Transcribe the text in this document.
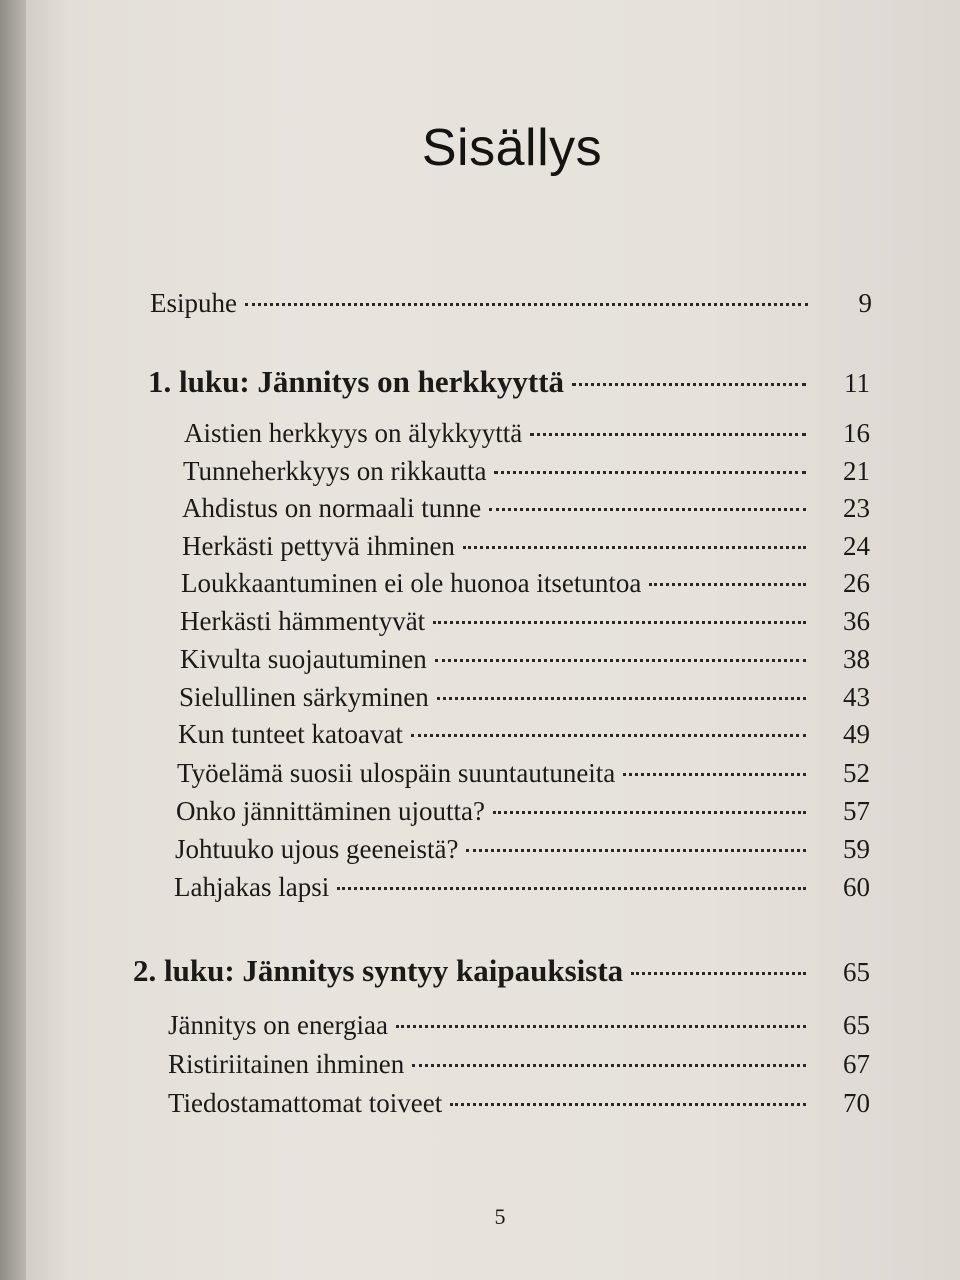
Sisällys
Esipuhe	9
1. luku: Jännitys on herkkyyttä	11
Aistien herkkyys on älykkyyttä	16
Tunneherkkyys on rikkautta	21
Ahdistus on normaali tunne	23
Herkästi pettyvä ihminen	24
Loukkaantuminen ei ole huonoa itsetuntoa	26
Herkästi hämmentyvät	36
Kivulta suojautuminen	38
Sielullinen särkyminen	43
Kun tunteet katoavat	49
Työelämä suosii ulospäin suuntautuneita	52
Onko jännittäminen ujoutta?	57
Johtuuko ujous geeneistä?	59
Lahjakas lapsi	60
2. luku: Jännitys syntyy kaipauksista	65
Jännitys on energiaa	65
Ristiriitainen ihminen	67
Tiedostamattomat toiveet	70
5
